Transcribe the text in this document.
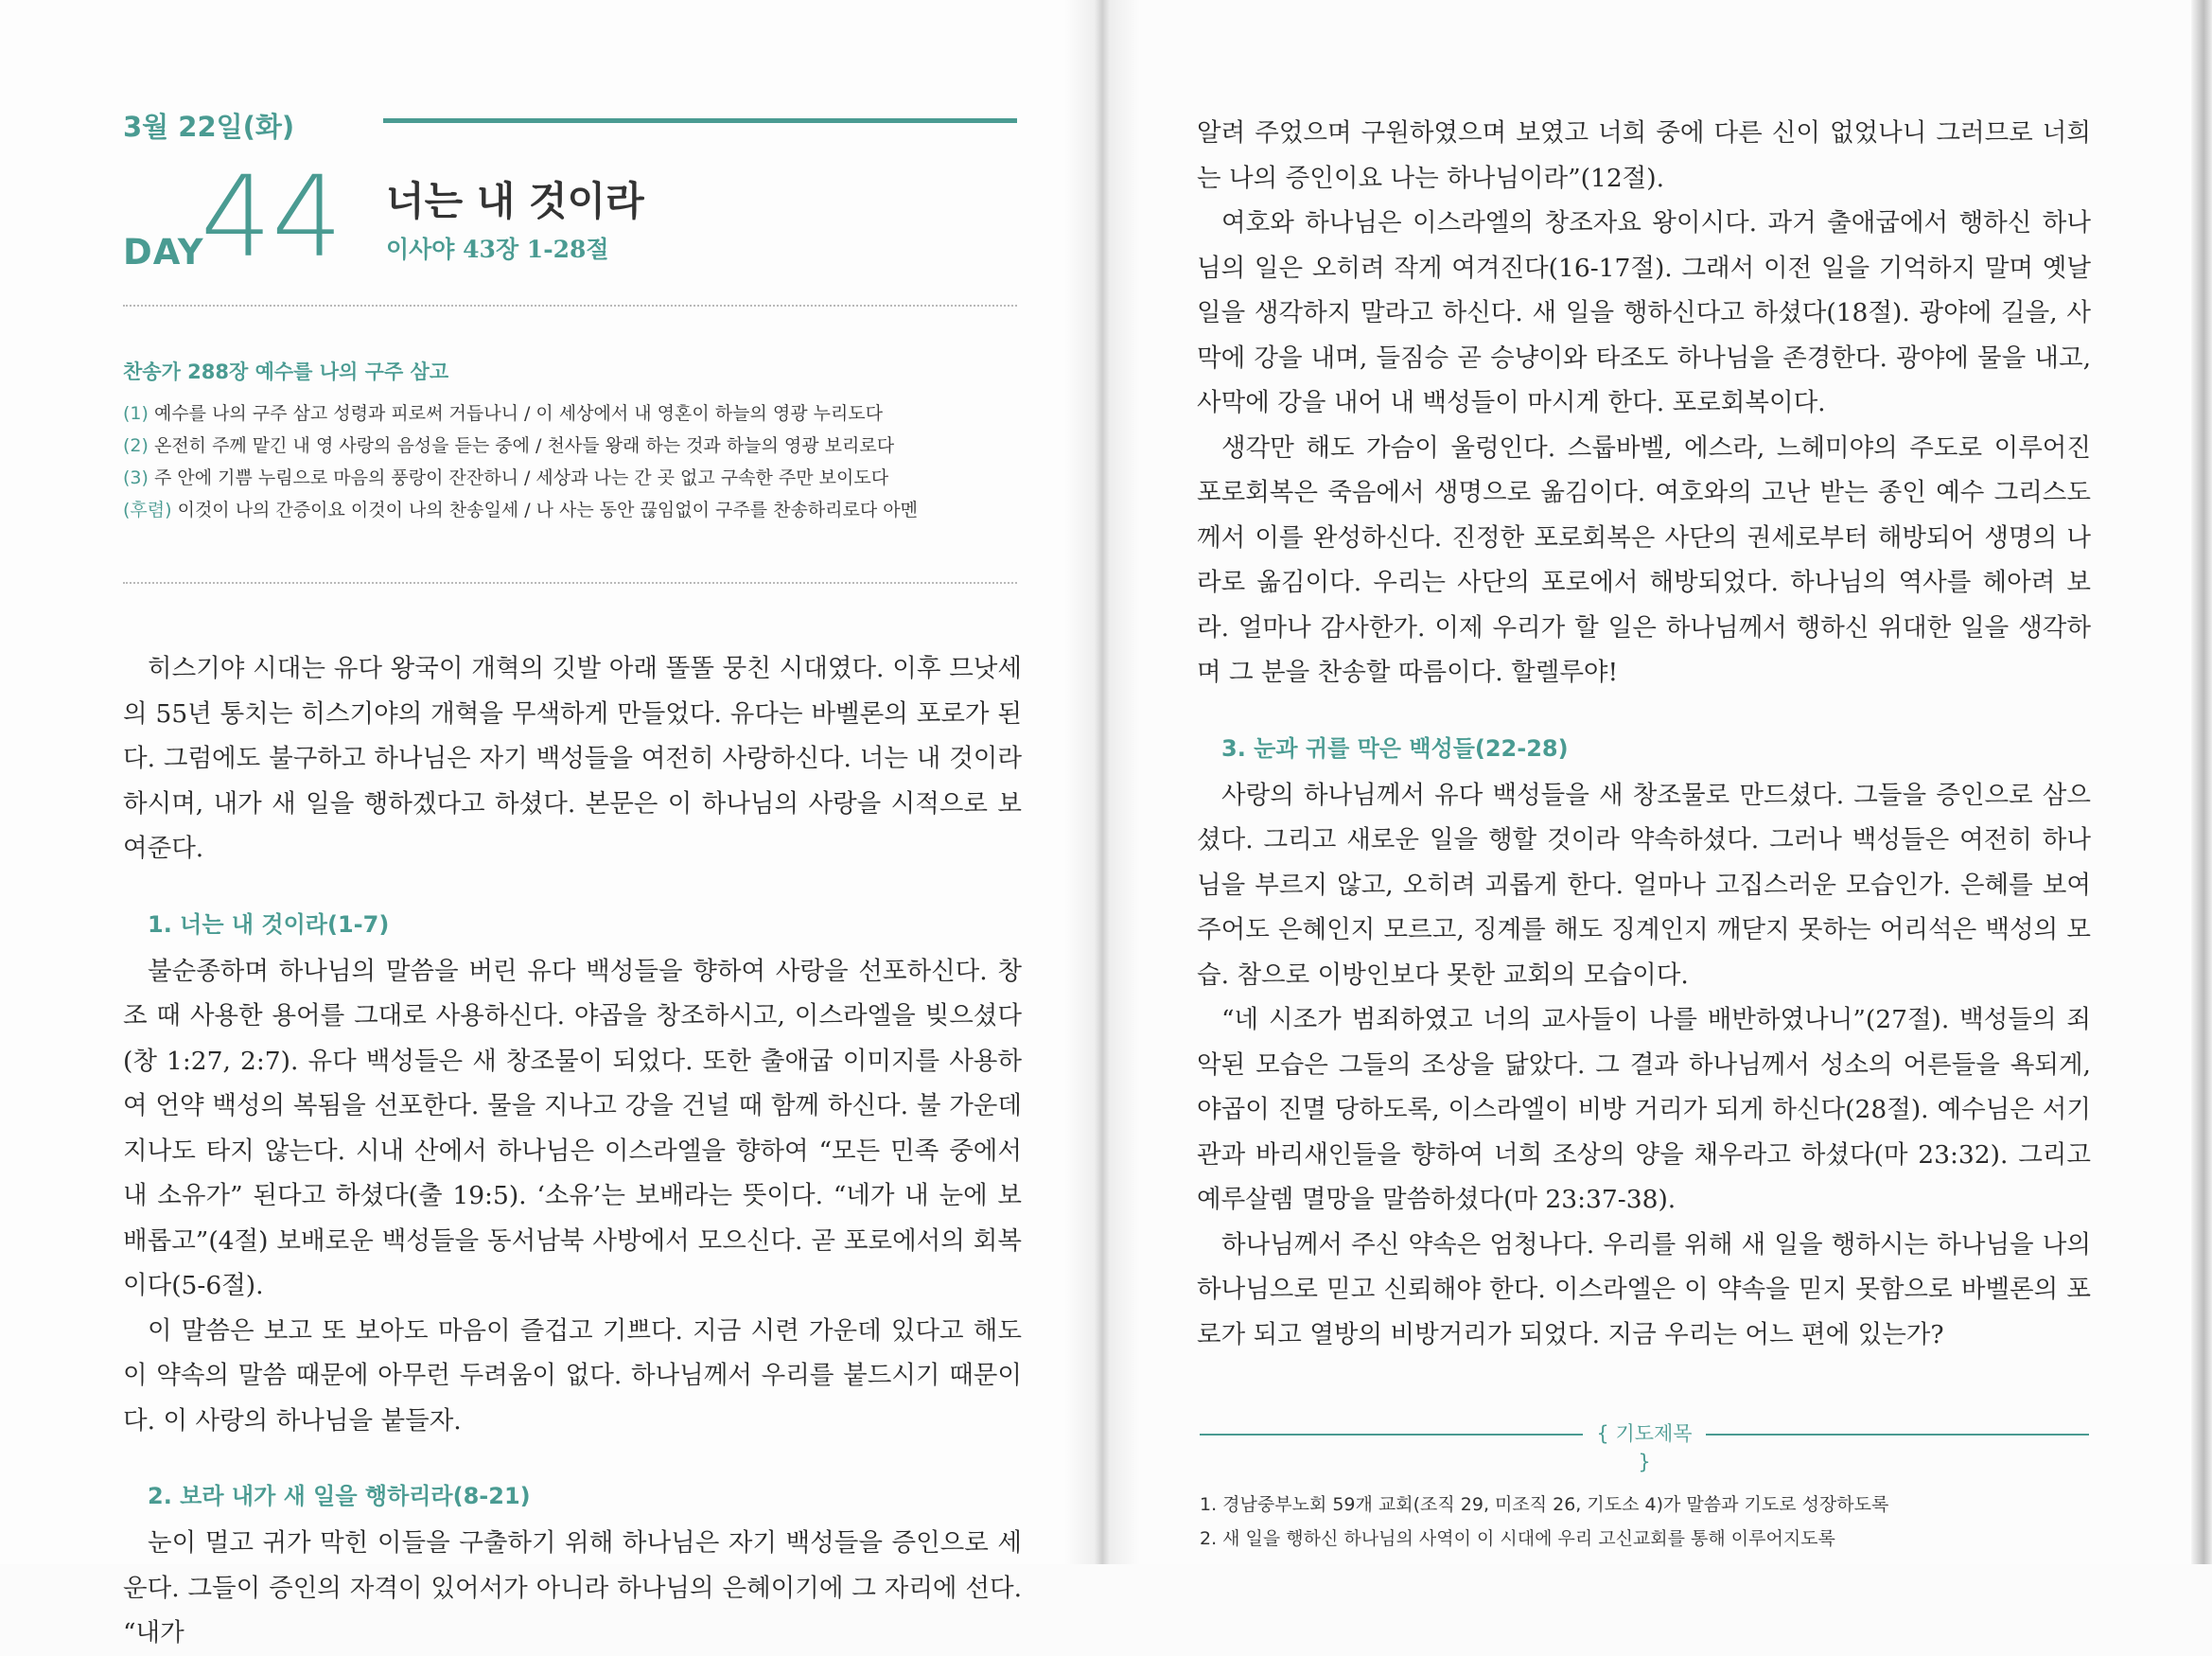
3월 22일(화)
DAY
44 너는 내 것이라
이사야 43장 1-28절
찬송가 288장 예수를 나의 구주 삼고
(1) 예수를 나의 구주 삼고 성령과 피로써 거듭나니 / 이 세상에서 내 영혼이 하늘의 영광 누리도다
(2) 온전히 주께 맡긴 내 영 사랑의 음성을 듣는 중에 / 천사들 왕래 하는 것과 하늘의 영광 보리로다
(3) 주 안에 기쁨 누림으로 마음의 풍랑이 잔잔하니 / 세상과 나는 간 곳 없고 구속한 주만 보이도다
(후렴) 이것이 나의 간증이요 이것이 나의 찬송일세 / 나 사는 동안 끊임없이 구주를 찬송하리로다 아멘

히스기야 시대는 유다 왕국이 개혁의 깃발 아래 똘똘 뭉친 시대였다. 이후 므낫세의 55년 통치는 히스기야의 개혁을 무색하게 만들었다. 유다는 바벨론의 포로가 된다. 그럼에도 불구하고 하나님은 자기 백성들을 여전히 사랑하신다. 너는 내 것이라 하시며, 내가 새 일을 행하겠다고 하셨다. 본문은 이 하나님의 사랑을 시적으로 보여준다.

1. 너는 내 것이라(1-7)

불순종하며 하나님의 말씀을 버린 유다 백성들을 향하여 사랑을 선포하신다. 창조 때 사용한 용어를 그대로 사용하신다. 야곱을 창조하시고, 이스라엘을 빚으셨다(창 1:27, 2:7). 유다 백성들은 새 창조물이 되었다. 또한 출애굽 이미지를 사용하여 언약 백성의 복됨을 선포한다. 물을 지나고 강을 건널 때 함께 하신다. 불 가운데 지나도 타지 않는다. 시내 산에서 하나님은 이스라엘을 향하여 “모든 민족 중에서 내 소유가” 된다고 하셨다(출 19:5). ‘소유’는 보배라는 뜻이다. “네가 내 눈에 보배롭고”(4절) 보배로운 백성들을 동서남북 사방에서 모으신다. 곧 포로에서의 회복이다(5-6절).

이 말씀은 보고 또 보아도 마음이 즐겁고 기쁘다. 지금 시련 가운데 있다고 해도 이 약속의 말씀 때문에 아무런 두려움이 없다. 하나님께서 우리를 붙드시기 때문이다. 이 사랑의 하나님을 붙들자.

2. 보라 내가 새 일을 행하리라(8-21)

눈이 멀고 귀가 막힌 이들을 구출하기 위해 하나님은 자기 백성들을 증인으로 세운다. 그들이 증인의 자격이 있어서가 아니라 하나님의 은혜이기에 그 자리에 선다. “내가

알려 주었으며 구원하였으며 보였고 너희 중에 다른 신이 없었나니 그러므로 너희는 나의 증인이요 나는 하나님이라”(12절).

여호와 하나님은 이스라엘의 창조자요 왕이시다. 과거 출애굽에서 행하신 하나님의 일은 오히려 작게 여겨진다(16-17절). 그래서 이전 일을 기억하지 말며 옛날 일을 생각하지 말라고 하신다. 새 일을 행하신다고 하셨다(18절). 광야에 길을, 사막에 강을 내며, 들짐승 곧 승냥이와 타조도 하나님을 존경한다. 광야에 물을 내고, 사막에 강을 내어 내 백성들이 마시게 한다. 포로회복이다.

생각만 해도 가슴이 울렁인다. 스룹바벨, 에스라, 느헤미야의 주도로 이루어진 포로회복은 죽음에서 생명으로 옮김이다. 여호와의 고난 받는 종인 예수 그리스도께서 이를 완성하신다. 진정한 포로회복은 사단의 권세로부터 해방되어 생명의 나라로 옮김이다. 우리는 사단의 포로에서 해방되었다. 하나님의 역사를 헤아려 보라. 얼마나 감사한가. 이제 우리가 할 일은 하나님께서 행하신 위대한 일을 생각하며 그 분을 찬송할 따름이다. 할렐루야!

3. 눈과 귀를 막은 백성들(22-28)

사랑의 하나님께서 유다 백성들을 새 창조물로 만드셨다. 그들을 증인으로 삼으셨다. 그리고 새로운 일을 행할 것이라 약속하셨다. 그러나 백성들은 여전히 하나님을 부르지 않고, 오히려 괴롭게 한다. 얼마나 고집스러운 모습인가. 은혜를 보여주어도 은혜인지 모르고, 징계를 해도 징계인지 깨닫지 못하는 어리석은 백성의 모습. 참으로 이방인보다 못한 교회의 모습이다.

“네 시조가 범죄하였고 너의 교사들이 나를 배반하였나니”(27절). 백성들의 죄악된 모습은 그들의 조상을 닮았다. 그 결과 하나님께서 성소의 어른들을 욕되게, 야곱이 진멸 당하도록, 이스라엘이 비방 거리가 되게 하신다(28절). 예수님은 서기관과 바리새인들을 향하여 너희 조상의 양을 채우라고 하셨다(마 23:32). 그리고 예루살렘 멸망을 말씀하셨다(마 23:37-38).

하나님께서 주신 약속은 엄청나다. 우리를 위해 새 일을 행하시는 하나님을 나의 하나님으로 믿고 신뢰해야 한다. 이스라엘은 이 약속을 믿지 못함으로 바벨론의 포로가 되고 열방의 비방거리가 되었다. 지금 우리는 어느 편에 있는가?

{ 기도제목 }
1. 경남중부노회 59개 교회(조직 29, 미조직 26, 기도소 4)가 말씀과 기도로 성장하도록
2. 새 일을 행하신 하나님의 사역이 이 시대에 우리 고신교회를 통해 이루어지도록
